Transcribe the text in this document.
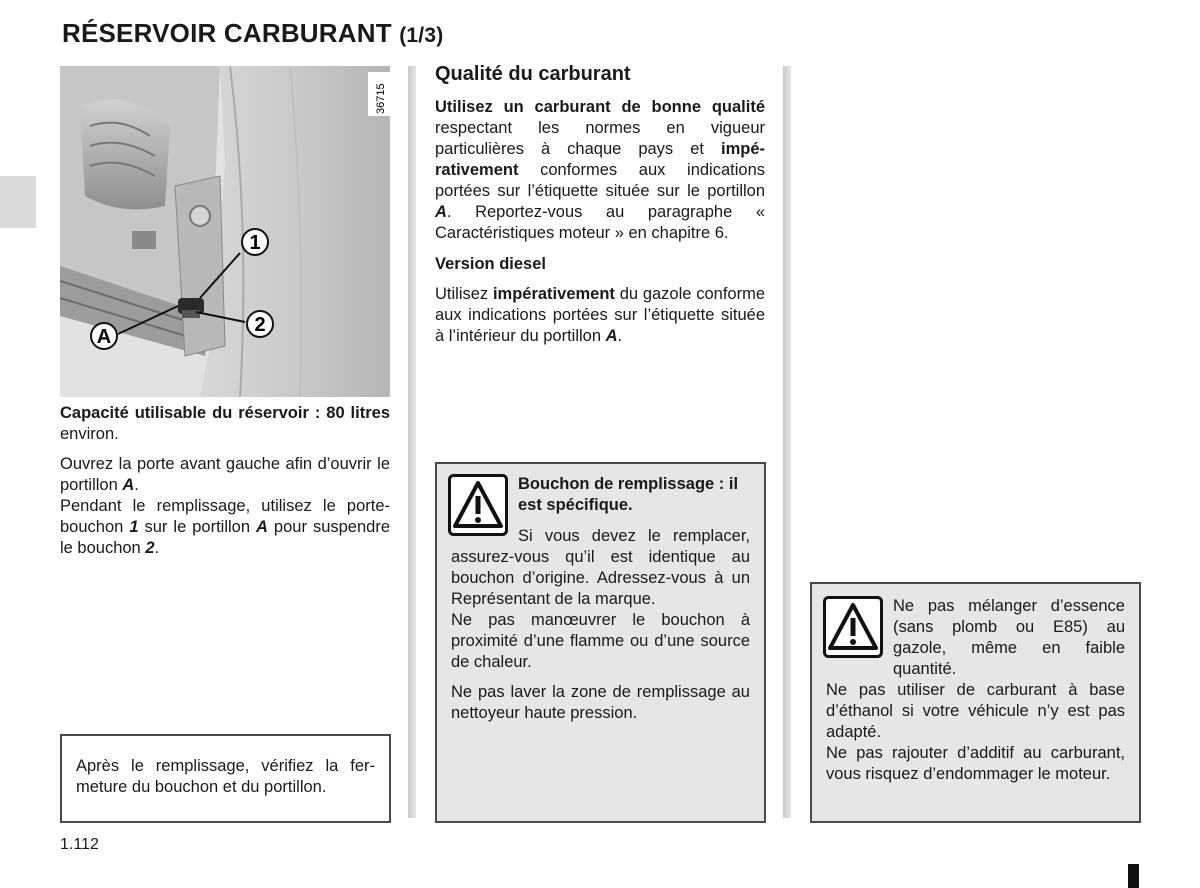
RÉSERVOIR CARBURANT (1/3)
1
2
A
36715

Capacité utilisable du réservoir : 80 litres environ.

Ouvrez la porte avant gauche afin d’ouvrir le portillon A.

Pendant le remplissage, utilisez le porte-bouchon 1 sur le portillon A pour suspendre le bouchon 2.

Après le remplissage, vérifiez la fermeture du bouchon et du portillon.

Qualité du carburant

Utilisez un carburant de bonne qualité respectant les normes en vigueur particulières à chaque pays et impérativement conformes aux indications portées sur l’étiquette située sur le portillon A. Reportez-vous au paragraphe « Caractéristiques moteur » en chapitre 6.

Version diesel

Utilisez impérativement du gazole conforme aux indications portées sur l’étiquette située à l’intérieur du portillon A.

Bouchon de remplissage : il est spécifique.

Si vous devez le remplacer, assurez-vous qu’il est identique au bouchon d’origine. Adressez-vous à un Représentant de la marque.

Ne pas manœuvrer le bouchon à proximité d’une flamme ou d’une source de chaleur.

Ne pas laver la zone de remplissage au nettoyeur haute pression.

Ne pas mélanger d’essence (sans plomb ou E85) au gazole, même en faible quantité.

Ne pas utiliser de carburant à base d’éthanol si votre véhicule n’y est pas adapté.

Ne pas rajouter d’additif au carburant, vous risquez d’endommager le moteur.

1.112
